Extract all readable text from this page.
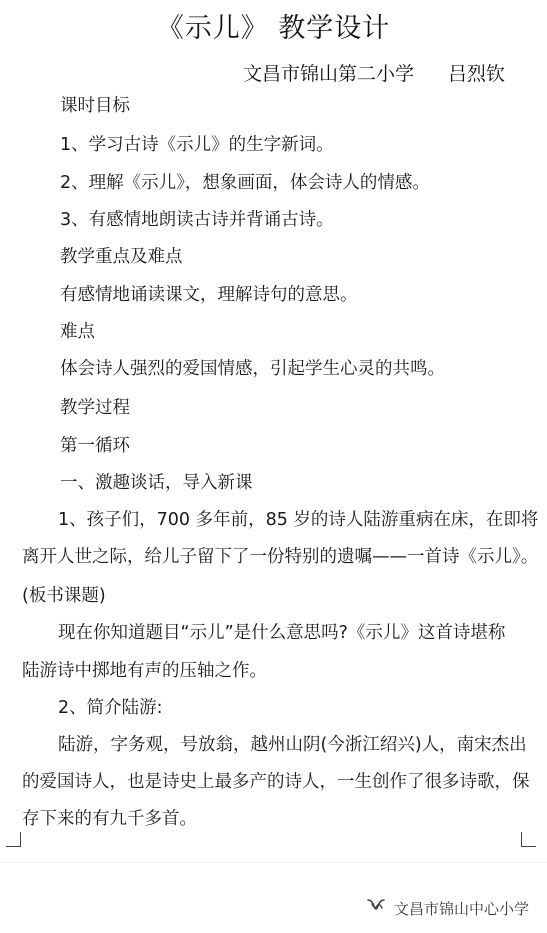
《示儿》 教学设计
文昌市锦山第二小学 吕烈钦
课时目标
1、学习古诗《示儿》的生字新词。
2、理解《示儿》，想象画面，体会诗人的情感。
3、有感情地朗读古诗并背诵古诗。
教学重点及难点
有感情地诵读课文，理解诗句的意思。
难点
体会诗人强烈的爱国情感，引起学生心灵的共鸣。
教学过程
第一循环
一、激趣谈话，导入新课
1、孩子们，700 多年前，85 岁的诗人陆游重病在床，在即将
离开人世之际，给儿子留下了一份特别的遗嘱——一首诗《示儿》。
(板书课题)
现在你知道题目“示儿”是什么意思吗?《示儿》这首诗堪称
陆游诗中掷地有声的压轴之作。
2、简介陆游:
陆游，字务观，号放翁，越州山阴(今浙江绍兴)人，南宋杰出
的爱国诗人，也是诗史上最多产的诗人，一生创作了很多诗歌，保
存下来的有九千多首。
文昌市锦山中心小学
